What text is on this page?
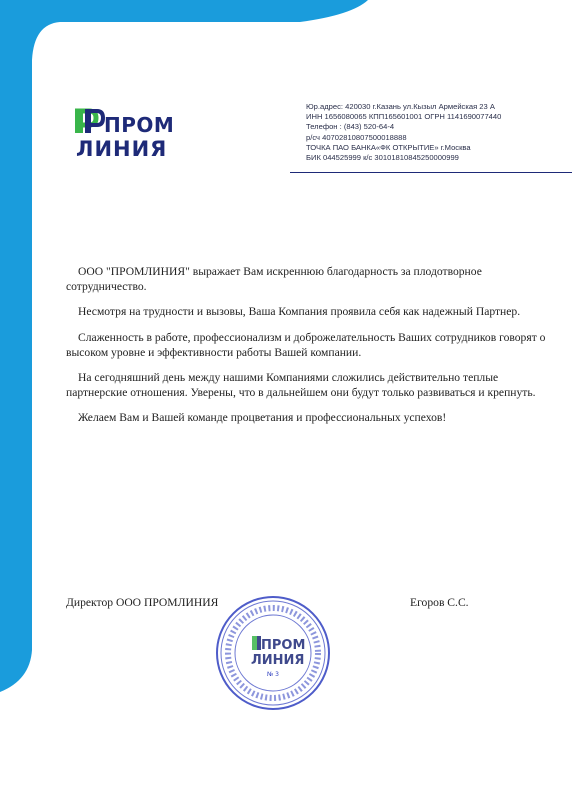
ПРОМ
ЛИНИЯ
Юр.адрес: 420030 г.Казань ул.Кызыл Армейская 23 А
ИНН 1656080065 КПП165601001 ОГРН 1141690077440
Телефон : (843) 520-64-4
р/сч 40702810807500018888
ТОЧКА ПАО БАНКА«ФК ОТКРЫТИЕ» г.Москва
БИК 044525999 к/с 30101810845250000999

ООО "ПРОМЛИНИЯ" выражает Вам искреннюю благодарность за плодотворное сотрудничество.

Несмотря на трудности и вызовы, Ваша Компания проявила себя как надежный Партнер.

Слаженность в работе, профессионализм и доброжелательность Ваших сотрудников говорят о высоком уровне и эффективности работы Вашей компании.

На сегодняшний день между нашими Компаниями сложились действительно теплые партнерские отношения. Уверены, что в дальнейшем они будут только развиваться и крепнуть.

Желаем Вам и Вашей команде процветания и профессиональных успехов!

Директор ООО ПРОМЛИНИЯ	Егоров С.С.
ПРОМ
ЛИНИЯ
№ 3
